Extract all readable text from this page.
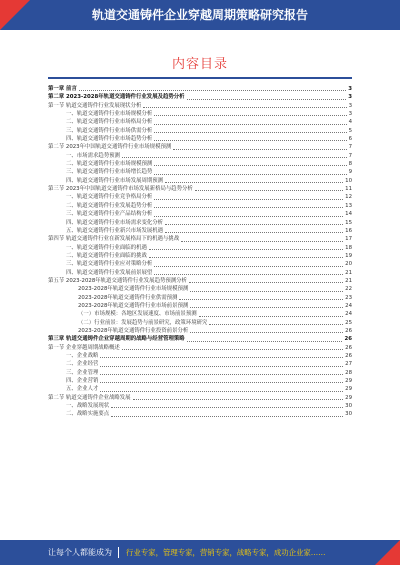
轨道交通铸件企业穿越周期策略研究报告
内容目录
第一章 前言	3
第二章 2023-2028年轨道交通铸件行业发展及趋势分析	3
第一节 轨道交通铸件行业发展现状分析	3
一、轨道交通铸件行业市场规模分析	3
二、轨道交通铸件行业市场格局分析	4
三、轨道交通铸件行业市场供需分析	5
四、轨道交通铸件行业市场趋势分析	6
第二节 2023年中国轨道交通铸件行业市场规模预测	7
一、市场需求趋势预测	7
二、轨道交通铸件行业市场规模预测	8
三、轨道交通铸件行业市场增长趋势	9
四、轨道交通铸件行业市场发展周期预测	10
第三节 2023年中国轨道交通铸件市场发展新格局与趋势分析	11
一、轨道交通铸件行业竞争格局分析	12
二、轨道交通铸件行业发展趋势分析	13
三、轨道交通铸件行业产品结构分析	14
四、轨道交通铸件行业市场需求变化分析	15
五、轨道交通铸件行业新兴市场发展机遇	16
第四节 轨道交通铸件行业在新发展格局下的机遇与挑战	17
一、轨道交通铸件行业面临的机遇	18
二、轨道交通铸件行业面临的挑战	19
三、轨道交通铸件行业应对策略分析	20
四、轨道交通铸件行业发展前景展望	21
第五节 2023-2028年轨道交通铸件行业发展趋势预测分析	21
2023-2028年轨道交通铸件行业市场规模预测	22
2023-2028年轨道交通铸件行业供需预测	23
2023-2028年轨道交通铸件行业市场前景预测	24
（一）市场规模：各地区发展速度、市场前景预测	24
（二）行业前景：发展趋势与前景研究，政策环境研究	25
2023-2028年轨道交通铸件行业投资前景分析	26
第三章 轨道交通铸件企业穿越周期的战略与经营管理策略	26
第一节 企业穿越周期战略概述	26
一、企业战略	26
二、企业经营	27
三、企业管理	28
四、企业营销	29
五、企业人才	29
第二节 轨道交通铸件企业战略发展	29
一、战略发展现状	30
二、战略实施要点	30
让每个人都能成为 行业专家，管理专家，营销专家，战略专家，成功企业家……
